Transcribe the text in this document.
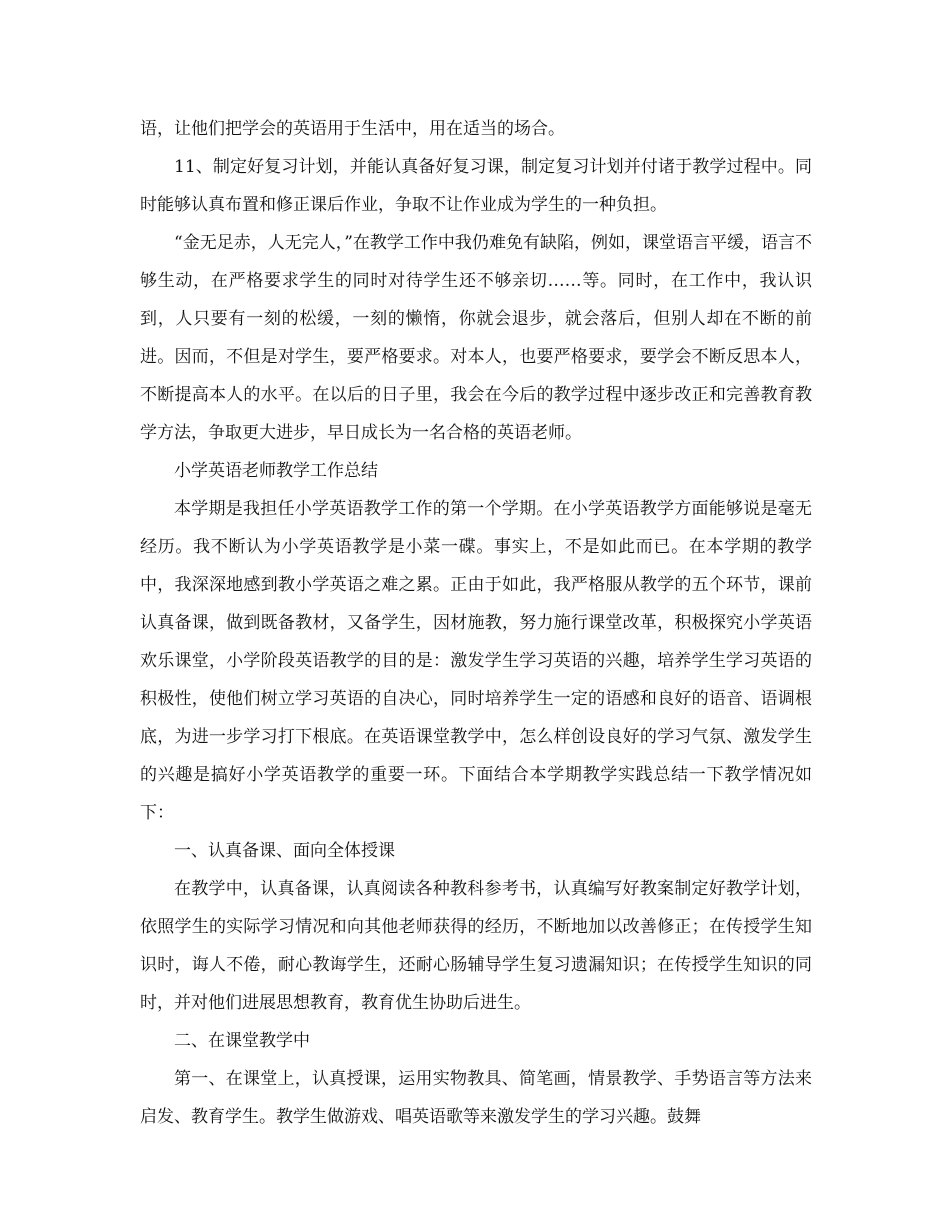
语，让他们把学会的英语用于生活中，用在适当的场合。

11、制定好复习计划，并能认真备好复习课，制定复习计划并付诸于教学过程中。同时能够认真布置和修正课后作业，争取不让作业成为学生的一种负担。

“金无足赤，人无完人，”在教学工作中我仍难免有缺陷，例如，课堂语言平缓，语言不够生动，在严格要求学生的同时对待学生还不够亲切……等。同时，在工作中，我认识到，人只要有一刻的松缓，一刻的懒惰，你就会退步，就会落后，但别人却在不断的前进。因而，不但是对学生，要严格要求。对本人，也要严格要求，要学会不断反思本人，不断提高本人的水平。在以后的日子里，我会在今后的教学过程中逐步改正和完善教育教学方法，争取更大进步，早日成长为一名合格的英语老师。

小学英语老师教学工作总结

本学期是我担任小学英语教学工作的第一个学期。在小学英语教学方面能够说是毫无经历。我不断认为小学英语教学是小菜一碟。事实上，不是如此而已。在本学期的教学中，我深深地感到教小学英语之难之累。正由于如此，我严格服从教学的五个环节，课前认真备课，做到既备教材，又备学生，因材施教，努力施行课堂改革，积极探究小学英语欢乐课堂，小学阶段英语教学的目的是：激发学生学习英语的兴趣，培养学生学习英语的积极性，使他们树立学习英语的自决心，同时培养学生一定的语感和良好的语音、语调根底，为进一步学习打下根底。在英语课堂教学中，怎么样创设良好的学习气氛、激发学生的兴趣是搞好小学英语教学的重要一环。下面结合本学期教学实践总结一下教学情况如下：

一、认真备课、面向全体授课

在教学中，认真备课，认真阅读各种教科参考书，认真编写好教案制定好教学计划，依照学生的实际学习情况和向其他老师获得的经历，不断地加以改善修正；在传授学生知识时，诲人不倦，耐心教诲学生，还耐心肠辅导学生复习遗漏知识；在传授学生知识的同时，并对他们进展思想教育，教育优生协助后进生。

二、在课堂教学中

第一、在课堂上，认真授课，运用实物教具、简笔画，情景教学、手势语言等方法来启发、教育学生。教学生做游戏、唱英语歌等来激发学生的学习兴趣。鼓舞
